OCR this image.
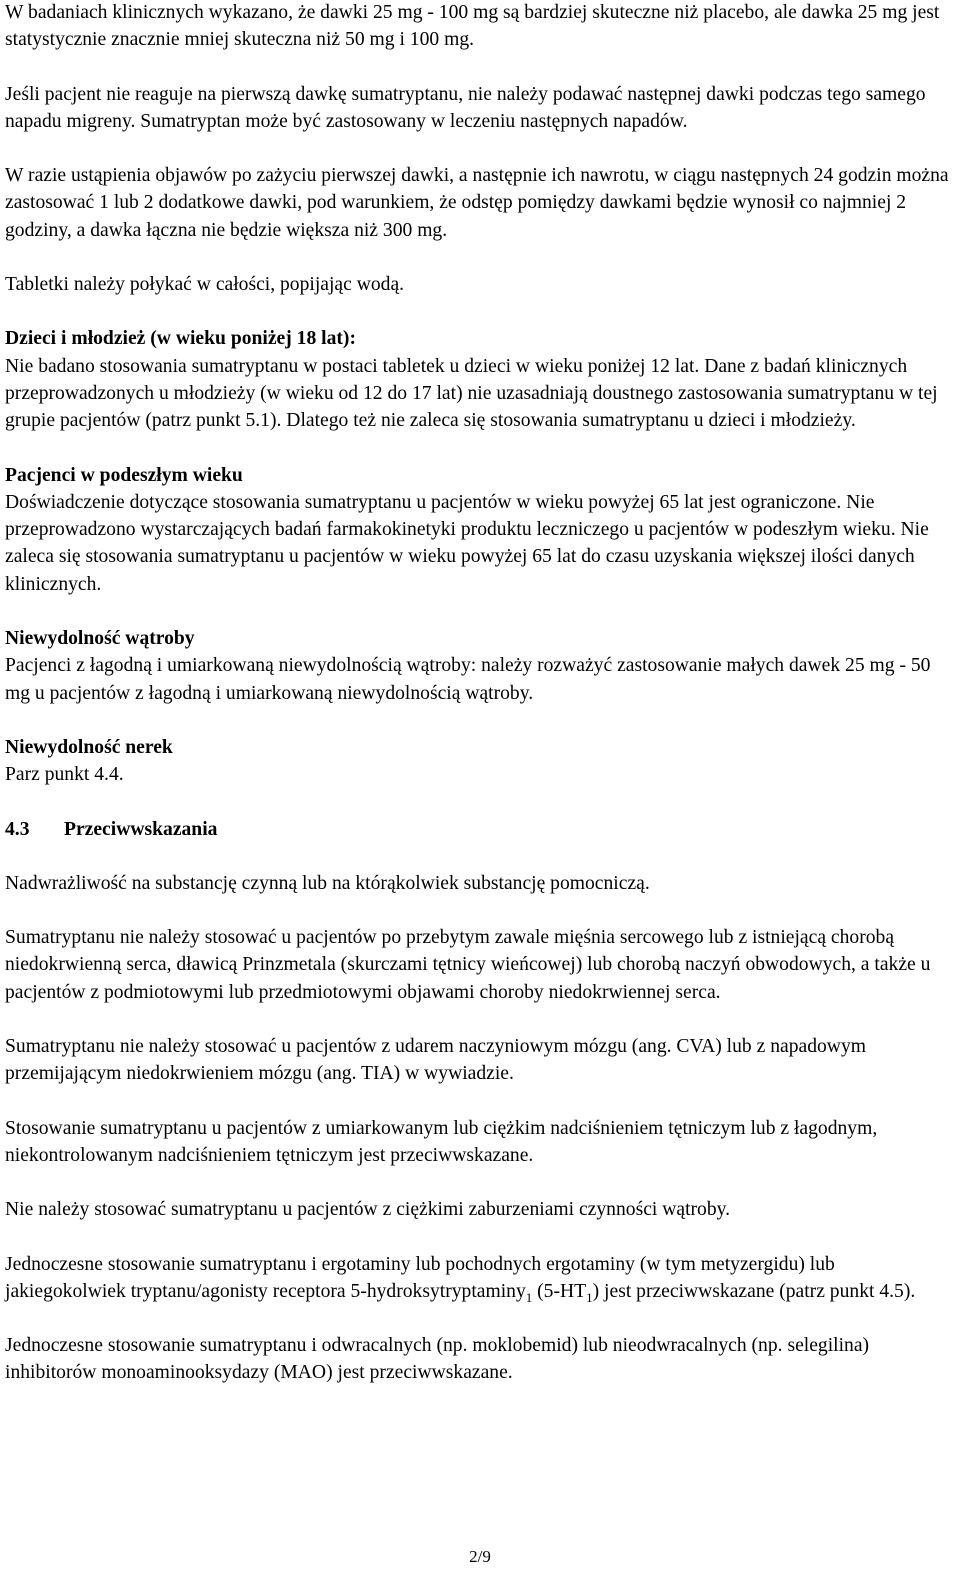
W badaniach klinicznych wykazano, że dawki 25 mg - 100 mg są bardziej skuteczne niż placebo, ale dawka 25 mg jest statystycznie znacznie mniej skuteczna niż 50 mg i 100 mg.

Jeśli pacjent nie reaguje na pierwszą dawkę sumatryptanu, nie należy podawać następnej dawki podczas tego samego napadu migreny. Sumatryptan może być zastosowany w leczeniu następnych napadów.

W razie ustąpienia objawów po zażyciu pierwszej dawki, a następnie ich nawrotu, w ciągu następnych 24 godzin można zastosować 1 lub 2 dodatkowe dawki, pod warunkiem, że odstęp pomiędzy dawkami będzie wynosił co najmniej 2 godziny, a dawka łączna nie będzie większa niż 300 mg.

Tabletki należy połykać w całości, popijając wodą.

Dzieci i młodzież (w wieku poniżej 18 lat):

Nie badano stosowania sumatryptanu w postaci tabletek u dzieci w wieku poniżej 12 lat. Dane z badań klinicznych przeprowadzonych u młodzieży (w wieku od 12 do 17 lat) nie uzasadniają doustnego zastosowania sumatryptanu w tej grupie pacjentów (patrz punkt 5.1). Dlatego też nie zaleca się stosowania sumatryptanu u dzieci i młodzieży.

Pacjenci w podeszłym wieku

Doświadczenie dotyczące stosowania sumatryptanu u pacjentów w wieku powyżej 65 lat jest ograniczone. Nie przeprowadzono wystarczających badań farmakokinetyki produktu leczniczego u pacjentów w podeszłym wieku. Nie zaleca się stosowania sumatryptanu u pacjentów w wieku powyżej 65 lat do czasu uzyskania większej ilości danych klinicznych.

Niewydolność wątroby

Pacjenci z łagodną i umiarkowaną niewydolnością wątroby: należy rozważyć zastosowanie małych dawek 25 mg - 50 mg u pacjentów z łagodną i umiarkowaną niewydolnością wątroby.

Niewydolność nerek

Parz punkt 4.4.

4.3 Przeciwwskazania

Nadwrażliwość na substancję czynną lub na którąkolwiek substancję pomocniczą.

Sumatryptanu nie należy stosować u pacjentów po przebytym zawale mięśnia sercowego lub z istniejącą chorobą niedokrwienną serca, dławicą Prinzmetala (skurczami tętnicy wieńcowej) lub chorobą naczyń obwodowych, a także u pacjentów z podmiotowymi lub przedmiotowymi objawami choroby niedokrwiennej serca.

Sumatryptanu nie należy stosować u pacjentów z udarem naczyniowym mózgu (ang. CVA) lub z napadowym przemijającym niedokrwieniem mózgu (ang. TIA) w wywiadzie.

Stosowanie sumatryptanu u pacjentów z umiarkowanym lub ciężkim nadciśnieniem tętniczym lub z łagodnym, niekontrolowanym nadciśnieniem tętniczym jest przeciwwskazane.

Nie należy stosować sumatryptanu u pacjentów z ciężkimi zaburzeniami czynności wątroby.

Jednoczesne stosowanie sumatryptanu i ergotaminy lub pochodnych ergotaminy (w tym metyzergidu) lub jakiegokolwiek tryptanu/agonisty receptora 5-hydroksytryptaminy$_1$ $(5-HT_1)$ jest przeciwwskazane (patrz punkt 4.5).

Jednoczesne stosowanie sumatryptanu i odwracalnych (np. moklobemid) lub nieodwracalnych (np. selegilina) inhibitorów monoaminooksydazy (MAO) jest przeciwwskazane.

2/9
